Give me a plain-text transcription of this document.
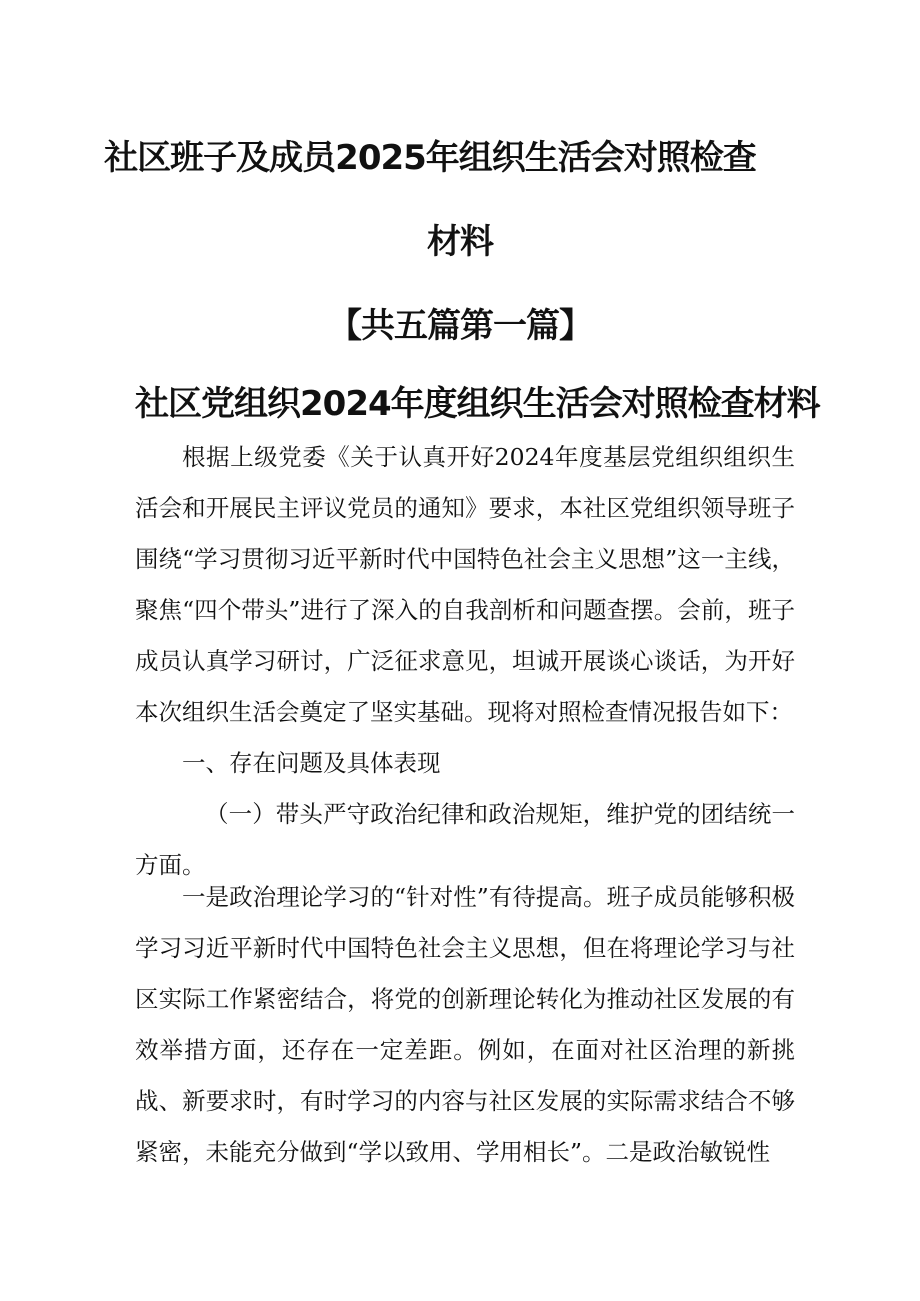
社区班子及成员2025年组织生活会对照检查
材料
【共五篇第一篇】
社区党组织2024年度组织生活会对照检查材料
根据上级党委《关于认真开好2024年度基层党组织组织生活会和开展民主评议党员的通知》要求，本社区党组织领导班子围绕“学习贯彻习近平新时代中国特色社会主义思想”这一主线，聚焦“四个带头”进行了深入的自我剖析和问题查摆。会前，班子成员认真学习研讨，广泛征求意见，坦诚开展谈心谈话，为开好本次组织生活会奠定了坚实基础。现将对照检查情况报告如下：
一、存在问题及具体表现
（一）带头严守政治纪律和政治规矩，维护党的团结统一方面。
一是政治理论学习的“针对性”有待提高。班子成员能够积极学习习近平新时代中国特色社会主义思想，但在将理论学习与社区实际工作紧密结合，将党的创新理论转化为推动社区发展的有效举措方面，还存在一定差距。例如，在面对社区治理的新挑战、新要求时，有时学习的内容与社区发展的实际需求结合不够紧密，未能充分做到“学以致用、学用相长”。二是政治敏锐性
